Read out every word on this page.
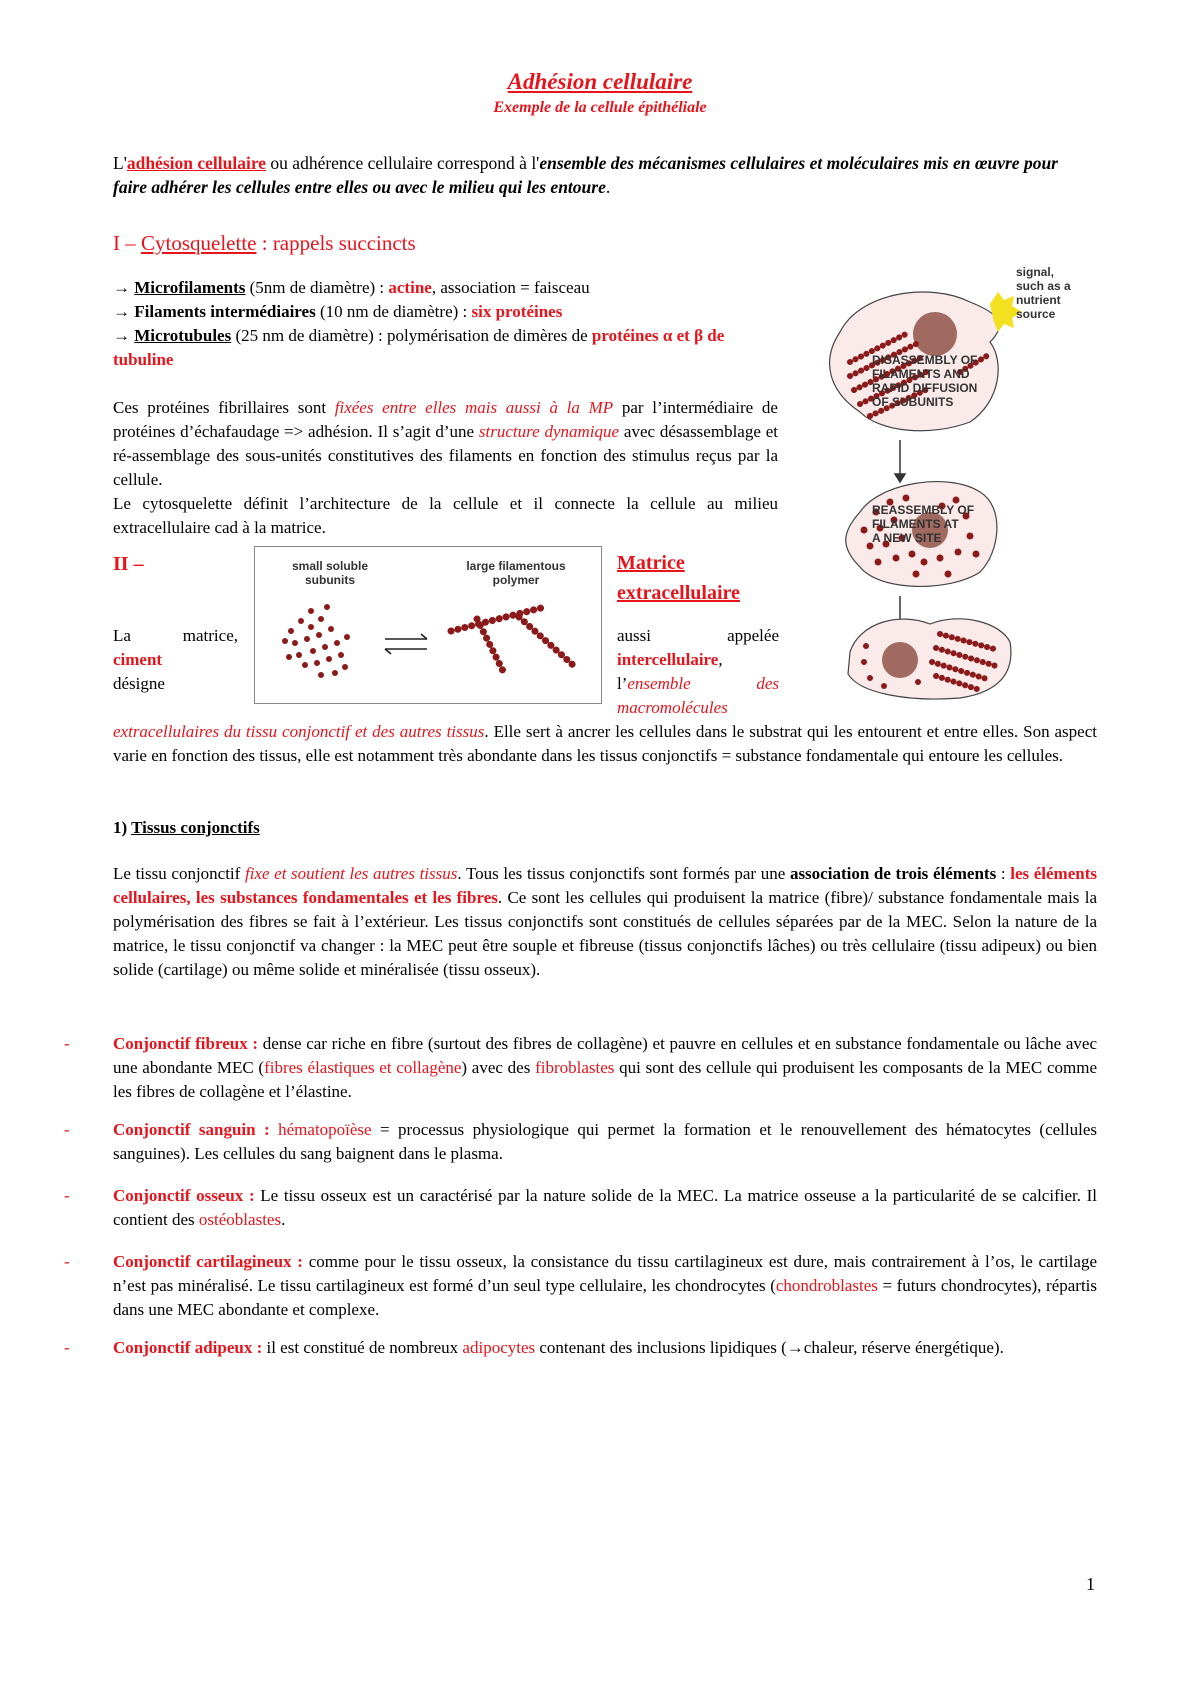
Adhésion cellulaire
Exemple de la cellule épithéliale

L'adhésion cellulaire ou adhérence cellulaire correspond à l'ensemble des mécanismes cellulaires et moléculaires mis en œuvre pour faire adhérer les cellules entre elles ou avec le milieu qui les entoure.

I – Cytosquelette : rappels succincts
→ Microfilaments (5nm de diamètre) : actine, association = faisceau
→ Filaments intermédiaires (10 nm de diamètre) : six protéines
→ Microtubules (25 nm de diamètre) : polymérisation de dimères de protéines α et β de tubuline

Ces protéines fibrillaires sont fixées entre elles mais aussi à la MP par l’intermédiaire de protéines d’échafaudage => adhésion. Il s’agit d’une structure dynamique avec désassemblage et ré-assemblage des sous-unités constitutives des filaments en fonction des stimulus reçus par la cellule.

Le cytosquelette définit l’architecture de la cellule et il connecte la cellule au milieu extracellulaire cad à la matrice.

II –	Matrice extracellulaire
La matrice,
ciment
désigne
small soluble
subunits
large filamentous
polymer
aussi appelée
intercellulaire,
l’ensemble des
macromolécules
signal, such as a nutrient source
DISASSEMBLY OF FILAMENTS AND RAPID DIFFUSION OF SUBUNITS
REASSEMBLY OF FILAMENTS AT A NEW SITE

extracellulaires du tissu conjonctif et des autres tissus. Elle sert à ancrer les cellules dans le substrat qui les entourent et entre elles. Son aspect varie en fonction des tissus, elle est notamment très abondante dans les tissus conjonctifs = substance fondamentale qui entoure les cellules.

1) Tissus conjonctifs

Le tissu conjonctif fixe et soutient les autres tissus. Tous les tissus conjonctifs sont formés par une association de trois éléments : les éléments cellulaires, les substances fondamentales et les fibres. Ce sont les cellules qui produisent la matrice (fibre)/ substance fondamentale mais la polymérisation des fibres se fait à l’extérieur. Les tissus conjonctifs sont constitués de cellules séparées par de la MEC. Selon la nature de la matrice, le tissu conjonctif va changer : la MEC peut être souple et fibreuse (tissus conjonctifs lâches) ou très cellulaire (tissu adipeux) ou bien solide (cartilage) ou même solide et minéralisée (tissu osseux).

-	Conjonctif fibreux : dense car riche en fibre (surtout des fibres de collagène) et pauvre en cellules et en substance fondamentale ou lâche avec une abondante MEC (fibres élastiques et collagène) avec des fibroblastes qui sont des cellule qui produisent les composants de la MEC comme les fibres de collagène et l’élastine.

-	Conjonctif sanguin : hématopoïèse = processus physiologique qui permet la formation et le renouvellement des hématocytes (cellules sanguines). Les cellules du sang baignent dans le plasma.

-	Conjonctif osseux : Le tissu osseux est un caractérisé par la nature solide de la MEC. La matrice osseuse a la particularité de se calcifier. Il contient des ostéoblastes.

-	Conjonctif cartilagineux : comme pour le tissu osseux, la consistance du tissu cartilagineux est dure, mais contrairement à l’os, le cartilage n’est pas minéralisé. Le tissu cartilagineux est formé d’un seul type cellulaire, les chondrocytes (chondroblastes = futurs chondrocytes), répartis dans une MEC abondante et complexe.

-	Conjonctif adipeux : il est constitué de nombreux adipocytes contenant des inclusions lipidiques (→chaleur, réserve énergétique).

1
